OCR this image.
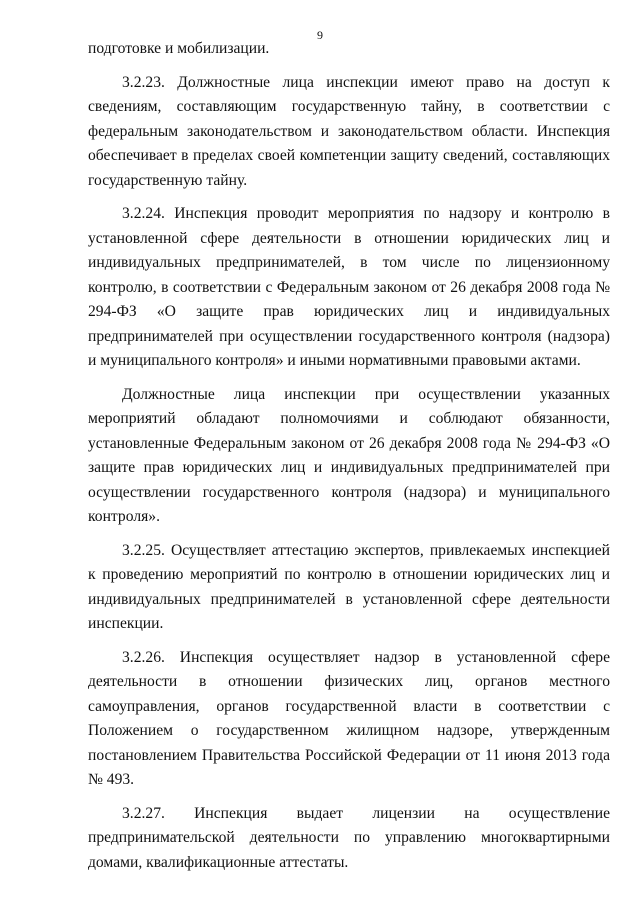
9

подготовке и мобилизации.

3.2.23. Должностные лица инспекции имеют право на доступ к сведениям, составляющим государственную тайну, в соответствии с федеральным законодательством и законодательством области. Инспекция обеспечивает в пределах своей компетенции защиту сведений, составляющих государственную тайну.

3.2.24. Инспекция проводит мероприятия по надзору и контролю в установленной сфере деятельности в отношении юридических лиц и индивидуальных предпринимателей, в том числе по лицензионному контролю, в соответствии с Федеральным законом от 26 декабря 2008 года № 294-ФЗ «О защите прав юридических лиц и индивидуальных предпринимателей при осуществлении государственного контроля (надзора) и муниципального контроля» и иными нормативными правовыми актами.

Должностные лица инспекции при осуществлении указанных мероприятий обладают полномочиями и соблюдают обязанности, установленные Федеральным законом от 26 декабря 2008 года № 294-ФЗ «О защите прав юридических лиц и индивидуальных предпринимателей при осуществлении государственного контроля (надзора) и муниципального контроля».

3.2.25. Осуществляет аттестацию экспертов, привлекаемых инспекцией к проведению мероприятий по контролю в отношении юридических лиц и индивидуальных предпринимателей в установленной сфере деятельности инспекции.

3.2.26. Инспекция осуществляет надзор в установленной сфере деятельности в отношении физических лиц, органов местного самоуправления, органов государственной власти в соответствии с Положением о государственном жилищном надзоре, утвержденным постановлением Правительства Российской Федерации от 11 июня 2013 года № 493.

3.2.27. Инспекция выдает лицензии на осуществление предпринимательской деятельности по управлению многоквартирными домами, квалификационные аттестаты.
